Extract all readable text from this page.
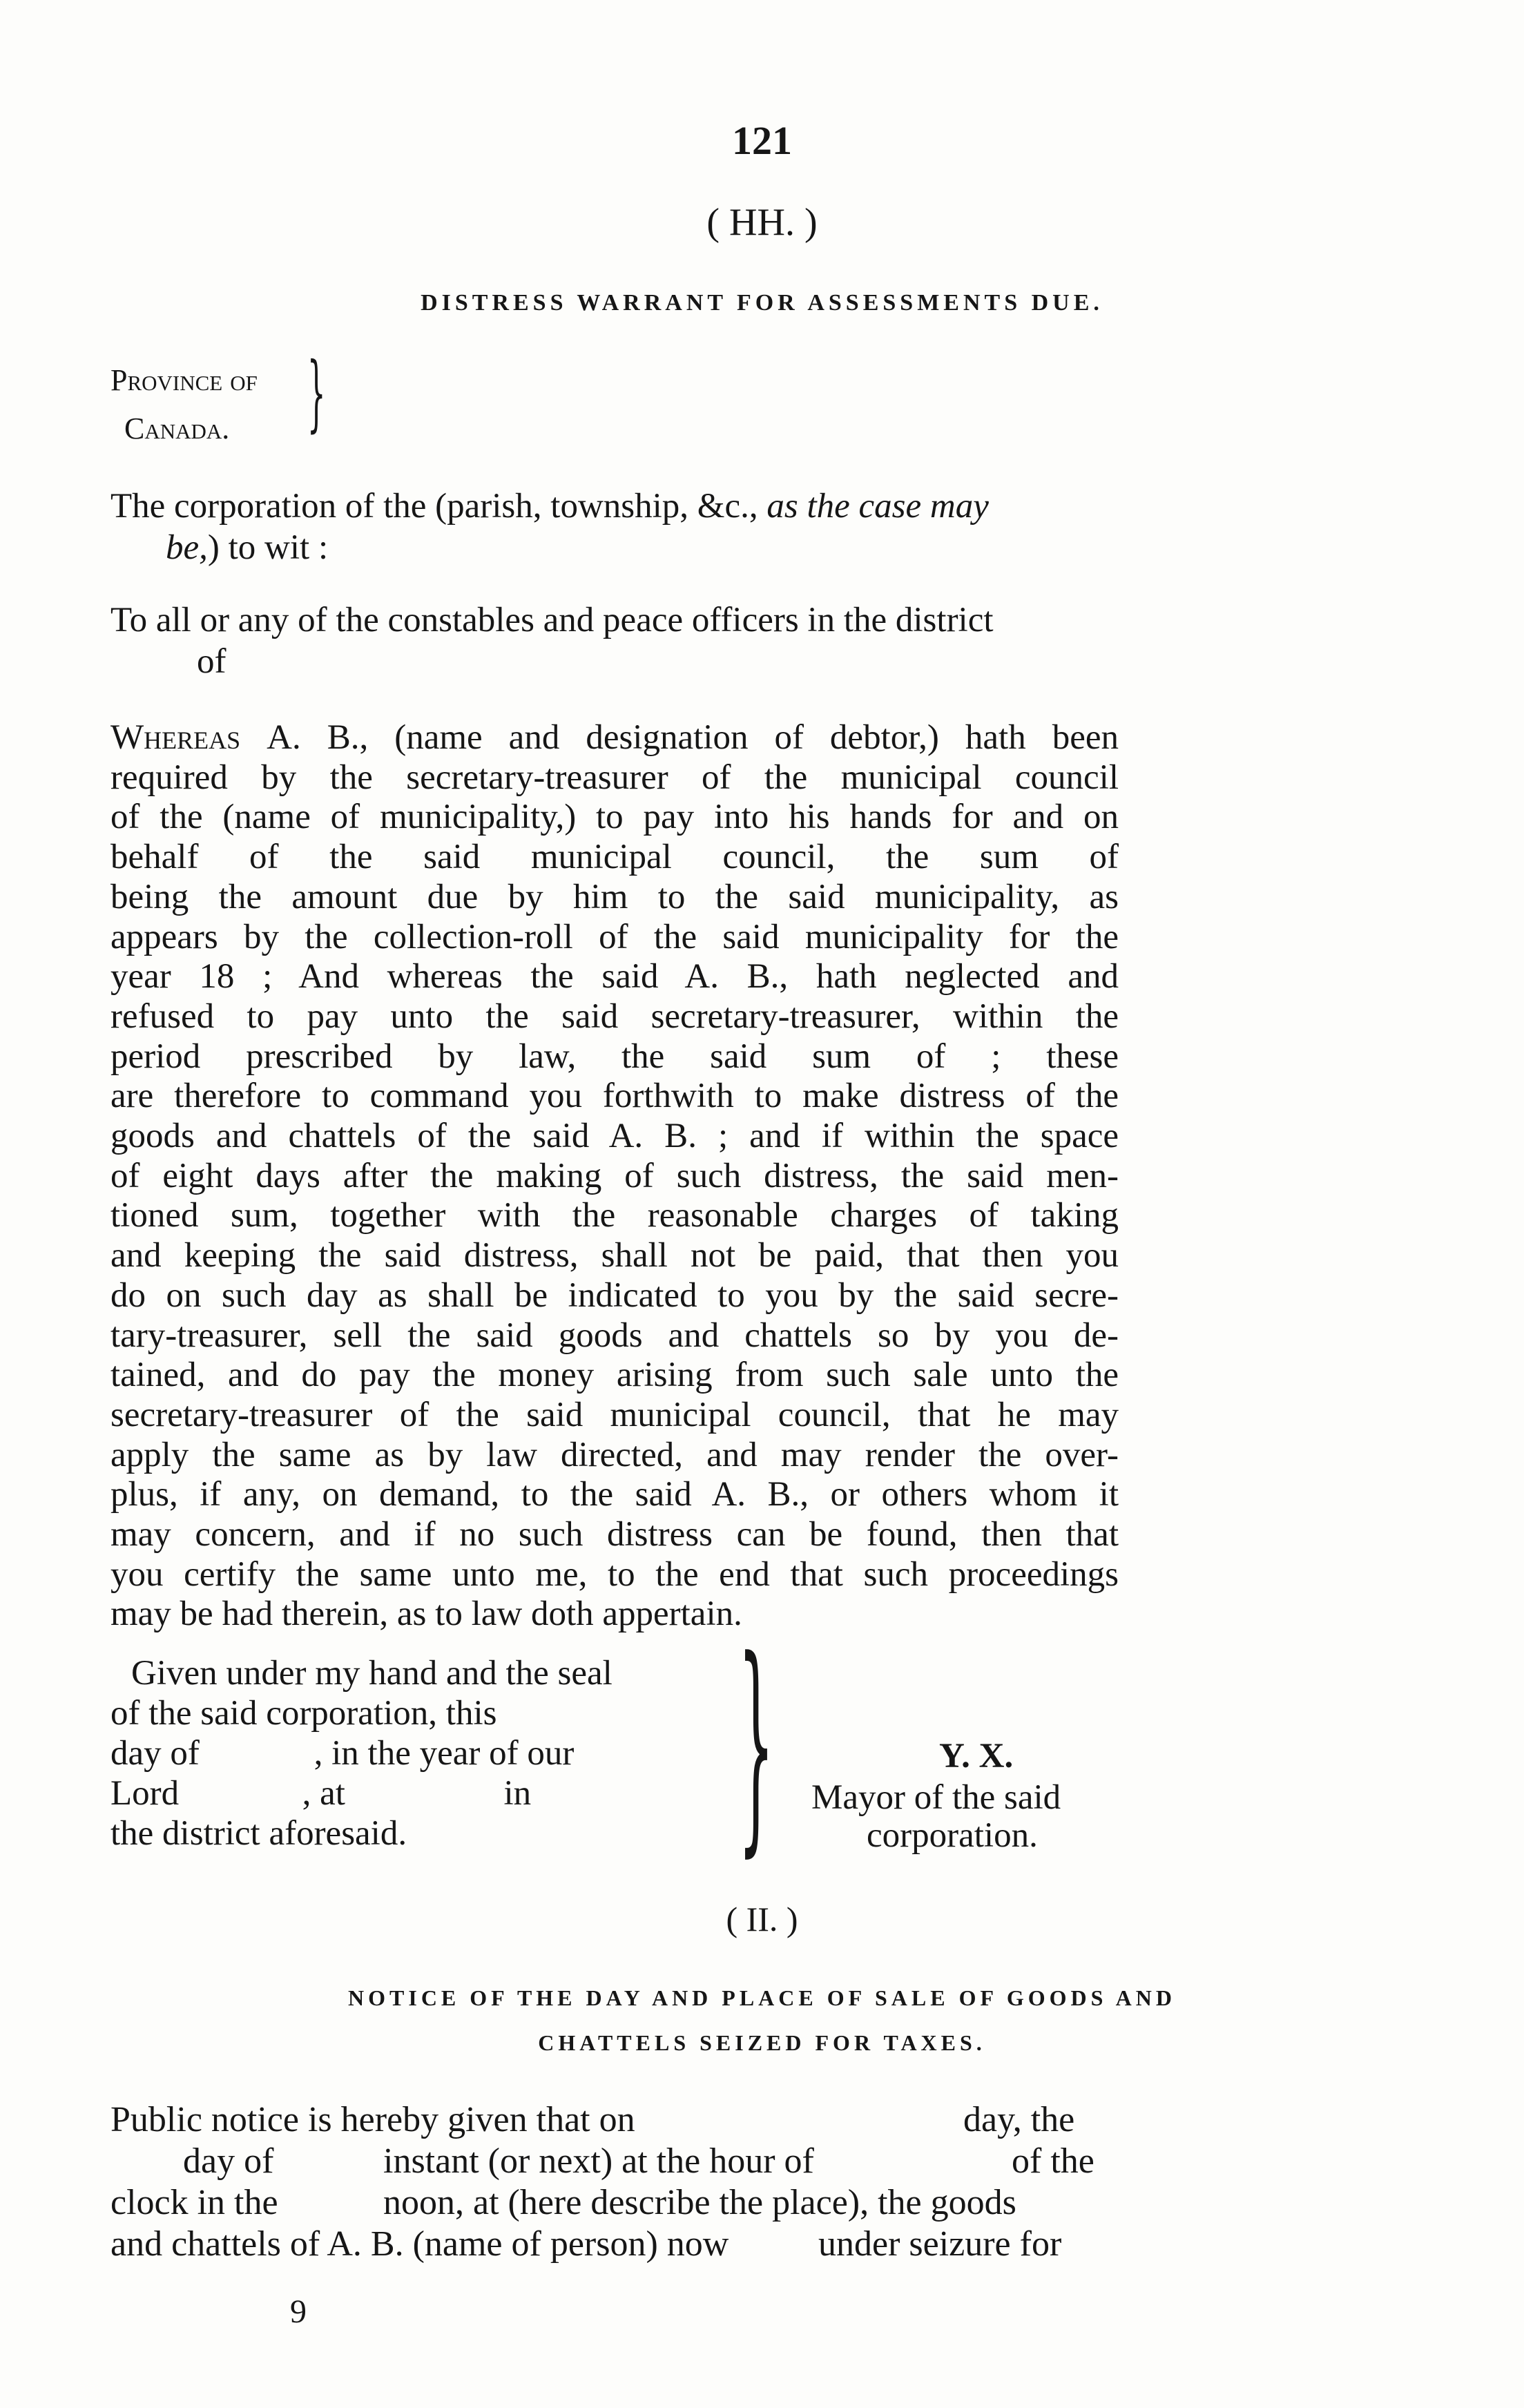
121
( HH. )
DISTRESS WARRANT FOR ASSESSMENTS DUE.
Province of
Canada. }

The corporation of the (parish, township, &c., as the case may

be,) to wit :

To all or any of the constables and peace officers in the district

of

Whereas A. B., (name and designation of debtor,) hath been

required by the secretary-treasurer of the municipal council

of the (name of municipality,) to pay into his hands for and on

behalf of the said municipal council, the sum of

being the amount due by him to the said municipality, as

appears by the collection-roll of the said municipality for the

year 18 ; And whereas the said A. B., hath neglected and

refused to pay unto the said secretary-treasurer, within the

period prescribed by law, the said sum of ; these

are therefore to command you forthwith to make distress of the

goods and chattels of the said A. B. ; and if within the space

of eight days after the making of such distress, the said men-

tioned sum, together with the reasonable charges of taking

and keeping the said distress, shall not be paid, that then you

do on such day as shall be indicated to you by the said secre-

tary-treasurer, sell the said goods and chattels so by you de-

tained, and do pay the money arising from such sale unto the

secretary-treasurer of the said municipal council, that he may

apply the same as by law directed, and may render the over-

plus, if any, on demand, to the said A. B., or others whom it

may concern, and if no such distress can be found, then that

you certify the same unto me, to the end that such proceedings

may be had therein, as to law doth appertain.

Given under my hand and the seal

of the said corporation, this

day of             , in the year of our

Lord              , at                  in

the district aforesaid. }	Y. X.
Mayor of the said
corporation.
( II. )
NOTICE OF THE DAY AND PLACE OF SALE OF GOODS AND
CHATTELS SEIZED FOR TAXES.
Public notice is hereby given that on	day, the
day of	instant (or next) at the hour of	of the
clock in the	noon, at (here describe the place), the goods
and chattels of A. B. (name of person) now under seizure for
9
